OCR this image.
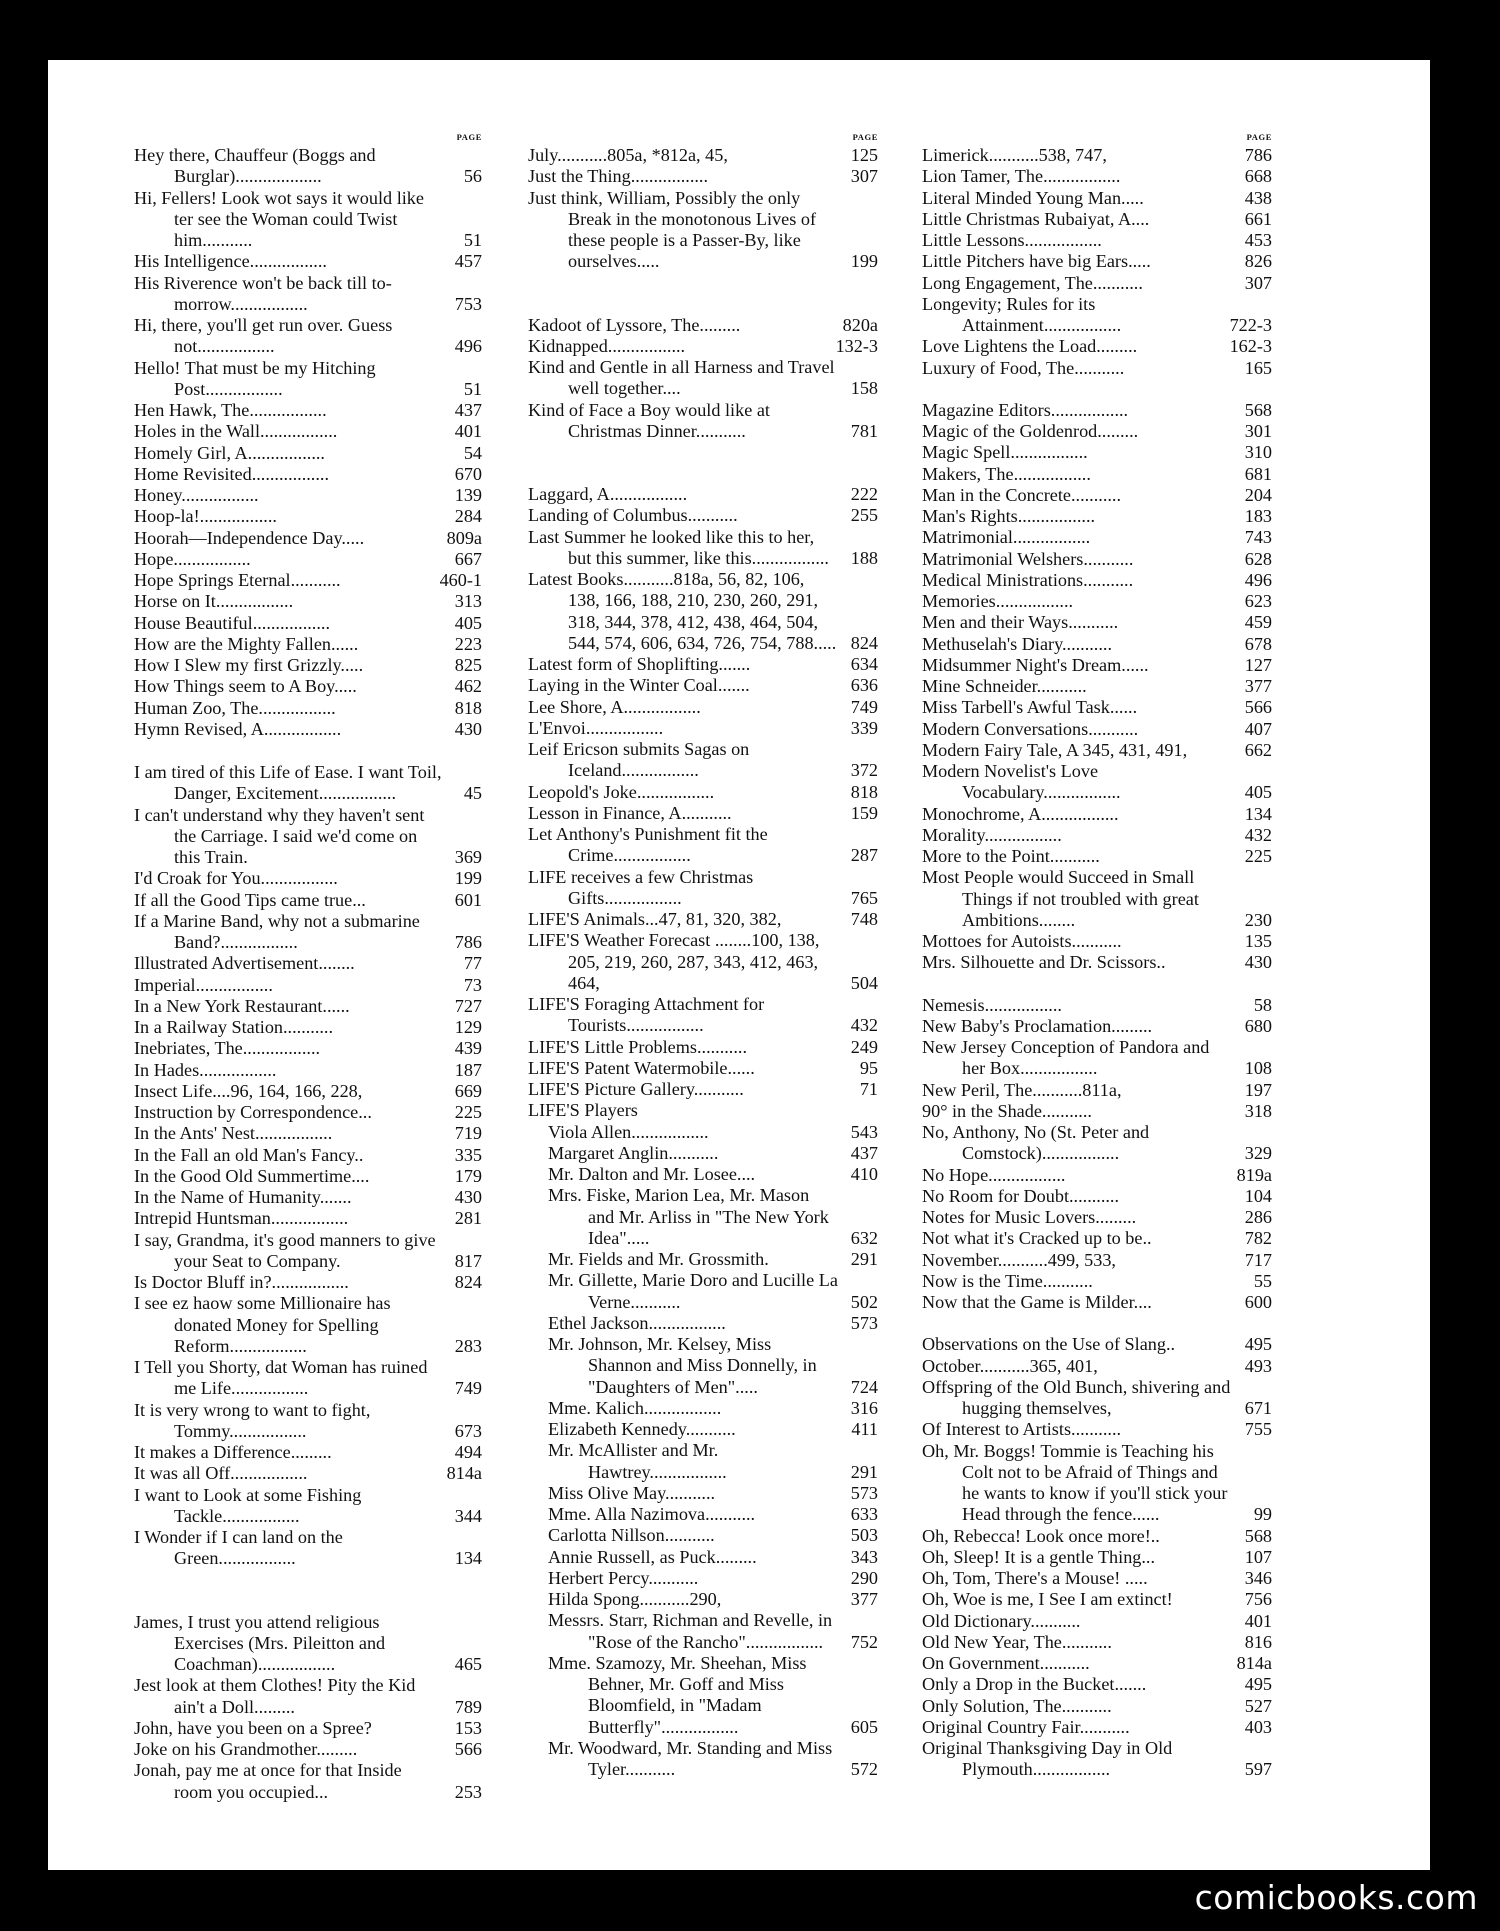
PAGE
Hey there, Chauffeur (Boggs and Burglar)...................	56
Hi, Fellers! Look wot says it would like ter see the Woman could Twist him...........	51
His Intelligence.................	457
His Riverence won't be back till to-morrow.................	753
Hi, there, you'll get run over. Guess not.................	496
Hello! That must be my Hitching Post.................	51
Hen Hawk, The.................	437
Holes in the Wall.................	401
Homely Girl, A.................	54
Home Revisited.................	670
Honey.................	139
Hoop-la!.................	284
Hoorah—Independence Day.....	809a
Hope.................	667
Hope Springs Eternal...........	460-1
Horse on It.................	313
House Beautiful.................	405
How are the Mighty Fallen......	223
How I Slew my first Grizzly.....	825
How Things seem to A Boy.....	462
Human Zoo, The.................	818
Hymn Revised, A.................	430
I am tired of this Life of Ease. I want Toil, Danger, Excitement.................	45
I can't understand why they haven't sent the Carriage. I said we'd come on this Train.	369
I'd Croak for You.................	199
If all the Good Tips came true...	601
If a Marine Band, why not a submarine Band?.................	786
Illustrated Advertisement........	77
Imperial.................	73
In a New York Restaurant......	727
In a Railway Station...........	129
Inebriates, The.................	439
In Hades.................	187
Insect Life....96, 164, 166, 228,	669
Instruction by Correspondence...	225
In the Ants' Nest.................	719
In the Fall an old Man's Fancy..	335
In the Good Old Summertime....	179
In the Name of Humanity.......	430
Intrepid Huntsman.................	281
I say, Grandma, it's good manners to give your Seat to Company.	817
Is Doctor Bluff in?.................	824
I see ez haow some Millionaire has donated Money for Spelling Reform.................	283
I Tell you Shorty, dat Woman has ruined me Life.................	749
It is very wrong to want to fight, Tommy.................	673
It makes a Difference.........	494
It was all Off.................	814a
I want to Look at some Fishing Tackle.................	344
I Wonder if I can land on the Green.................	134
James, I trust you attend religious Exercises (Mrs. Pileitton and Coachman).................	465
Jest look at them Clothes! Pity the Kid ain't a Doll.........	789
John, have you been on a Spree?	153
Joke on his Grandmother.........	566
Jonah, pay me at once for that Inside room you occupied...	253
PAGE
July...........805a, *812a, 45,	125
Just the Thing.................	307
Just think, William, Possibly the only Break in the monotonous Lives of these people is a Passer-By, like ourselves.....	199
Kadoot of Lyssore, The.........	820a
Kidnapped.................	132-3
Kind and Gentle in all Harness and Travel well together....	158
Kind of Face a Boy would like at Christmas Dinner...........	781
Laggard, A.................	222
Landing of Columbus...........	255
Last Summer he looked like this to her, but this summer, like this.................	188
Latest Books...........818a, 56, 82, 106, 138, 166, 188, 210, 230, 260, 291, 318, 344, 378, 412, 438, 464, 504, 544, 574, 606, 634, 726, 754, 788..... 824
Latest form of Shoplifting.......	634
Laying in the Winter Coal.......	636
Lee Shore, A.................	749
L'Envoi.................	339
Leif Ericson submits Sagas on Iceland.................	372
Leopold's Joke.................	818
Lesson in Finance, A...........	159
Let Anthony's Punishment fit the Crime.................	287
LIFE receives a few Christmas Gifts.................	765
LIFE'S Animals...47, 81, 320, 382,	748
LIFE'S Weather Forecast ........100, 138, 205, 219, 260, 287, 343, 412, 463, 464,	504
LIFE'S Foraging Attachment for Tourists.................	432
LIFE'S Little Problems...........	249
LIFE'S Patent Watermobile......	95
LIFE'S Picture Gallery...........	71
LIFE'S Players
Viola Allen.................	543
Margaret Anglin...........	437
Mr. Dalton and Mr. Losee....	410
Mrs. Fiske, Marion Lea, Mr. Mason and Mr. Arliss in "The New York Idea".....	632
Mr. Fields and Mr. Grossmith.	291
Mr. Gillette, Marie Doro and Lucille La Verne...........	502
Ethel Jackson.................	573
Mr. Johnson, Mr. Kelsey, Miss Shannon and Miss Donnelly, in "Daughters of Men".....	724
Mme. Kalich.................	316
Elizabeth Kennedy...........	411
Mr. McAllister and Mr. Hawtrey.................	291
Miss Olive May...........	573
Mme. Alla Nazimova...........	633
Carlotta Nillson...........	503
Annie Russell, as Puck.........	343
Herbert Percy...........	290
Hilda Spong...........290,	377
Messrs. Starr, Richman and Revelle, in "Rose of the Rancho".................	752
Mme. Szamozy, Mr. Sheehan, Miss Behner, Mr. Goff and Miss Bloomfield, in "Madam Butterfly".................	605
Mr. Woodward, Mr. Standing and Miss Tyler...........	572
PAGE
Limerick...........538, 747,	786
Lion Tamer, The.................	668
Literal Minded Young Man.....	438
Little Christmas Rubaiyat, A....	661
Little Lessons.................	453
Little Pitchers have big Ears.....	826
Long Engagement, The...........	307
Longevity; Rules for its Attainment.................	722-3
Love Lightens the Load.........	162-3
Luxury of Food, The...........	165
Magazine Editors.................	568
Magic of the Goldenrod.........	301
Magic Spell.................	310
Makers, The.................	681
Man in the Concrete...........	204
Man's Rights.................	183
Matrimonial.................	743
Matrimonial Welshers...........	628
Medical Ministrations...........	496
Memories.................	623
Men and their Ways...........	459
Methuselah's Diary...........	678
Midsummer Night's Dream......	127
Mine Schneider...........	377
Miss Tarbell's Awful Task......	566
Modern Conversations...........	407
Modern Fairy Tale, A 345, 431, 491,	662
Modern Novelist's Love Vocabulary.................	405
Monochrome, A.................	134
Morality.................	432
More to the Point...........	225
Most People would Succeed in Small Things if not troubled with great Ambitions........	230
Mottoes for Autoists...........	135
Mrs. Silhouette and Dr. Scissors..	430
Nemesis.................	58
New Baby's Proclamation.........	680
New Jersey Conception of Pandora and her Box.................	108
New Peril, The...........811a,	197
90° in the Shade...........	318
No, Anthony, No (St. Peter and Comstock).................	329
No Hope.................	819a
No Room for Doubt...........	104
Notes for Music Lovers.........	286
Not what it's Cracked up to be..	782
November...........499, 533,	717
Now is the Time...........	55
Now that the Game is Milder....	600
Observations on the Use of Slang..	495
October...........365, 401,	493
Offspring of the Old Bunch, shivering and hugging themselves,	671
Of Interest to Artists...........	755
Oh, Mr. Boggs! Tommie is Teaching his Colt not to be Afraid of Things and he wants to know if you'll stick your Head through the fence......	99
Oh, Rebecca! Look once more!..	568
Oh, Sleep! It is a gentle Thing...	107
Oh, Tom, There's a Mouse! .....	346
Oh, Woe is me, I See I am extinct!	756
Old Dictionary...........	401
Old New Year, The...........	816
On Government...........	814a
Only a Drop in the Bucket.......	495
Only Solution, The...........	527
Original Country Fair...........	403
Original Thanksgiving Day in Old Plymouth.................	597
comicbooks.com
